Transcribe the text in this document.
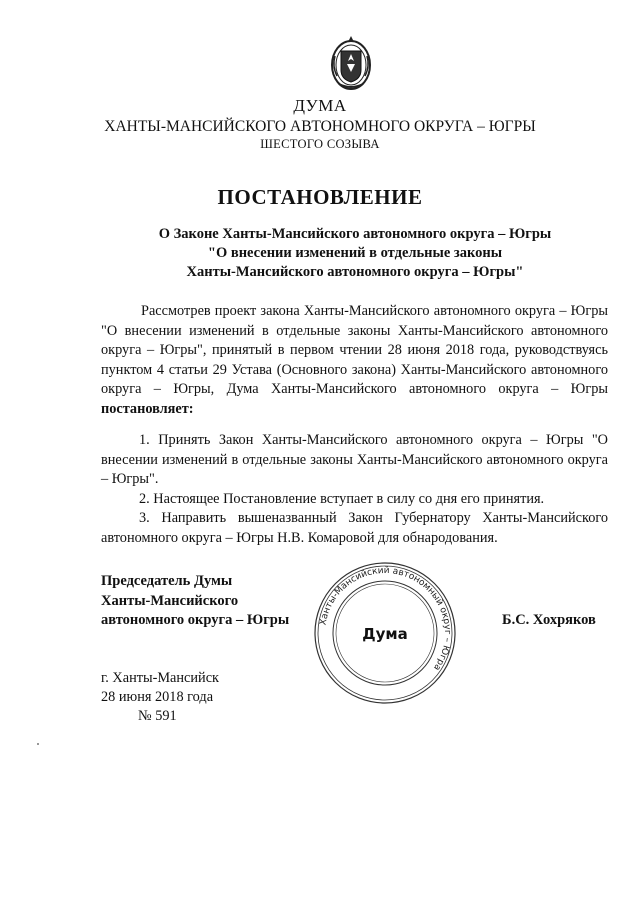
ДУМА
ХАНТЫ-МАНСИЙСКОГО АВТОНОМНОГО ОКРУГА – ЮГРЫ
ШЕСТОГО СОЗЫВА
ПОСТАНОВЛЕНИЕ
О Законе Ханты-Мансийского автономного округа – Югры
"О внесении изменений в отдельные законы
Ханты-Мансийского автономного округа – Югры"

Рассмотрев проект закона Ханты-Мансийского автономного округа – Югры "О внесении изменений в отдельные законы Ханты-Мансийского автономного округа – Югры", принятый в первом чтении 28 июня 2018 года, руководствуясь пунктом 4 статьи 29 Устава (Основного закона) Ханты-Мансийского автономного округа – Югры, Дума Ханты-Мансийского автономного округа – Югры постановляет:

1. Принять Закон Ханты-Мансийского автономного округа – Югры "О внесении изменений в отдельные законы Ханты-Мансийского автономного округа – Югры".

2. Настоящее Постановление вступает в силу со дня его принятия.

3. Направить вышеназванный Закон Губернатору Ханты-Мансийского автономного округа – Югры Н.В. Комаровой для обнародования.

Председатель Думы
Ханты-Мансийского
автономного округа – Югры	Ханты-Мансийский автономный округ – Югра
Дума
Б.С. Хохряков
г. Ханты-Мансийск
28 июня 2018 года
№ 591
